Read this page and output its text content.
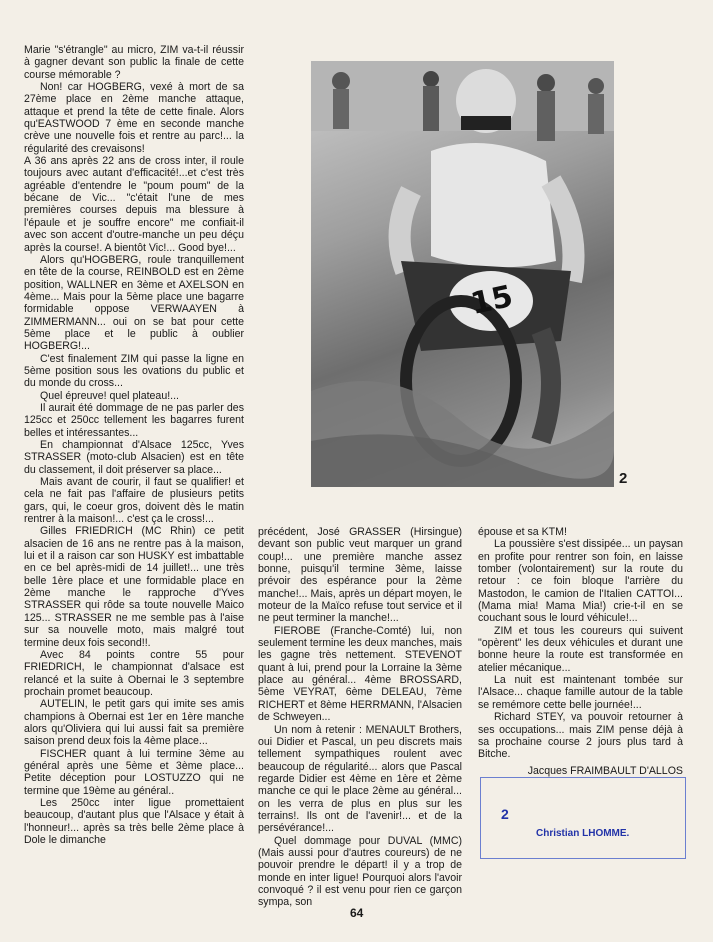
Marie "s'étrangle" au micro, ZIM va-t-il réussir à gagner devant son public la finale de cette course mémorable ?

Non! car HOGBERG, vexé à mort de sa 27ème place en 2ème manche attaque, attaque et prend la tête de cette finale. Alors qu'EASTWOOD 7 ème en seconde manche crève une nouvelle fois et rentre au parc!... la régularité des crevaisons!

A 36 ans après 22 ans de cross inter, il roule toujours avec autant d'efficacité!...et c'est très agréable d'entendre le "poum poum" de la bécane de Vic... "c'était l'une de mes premières courses depuis ma blessure à l'épaule et je souffre encore" me confiait-il avec son accent d'outre-manche un peu déçu après la course!. A bientôt Vic!... Good bye!...

Alors qu'HOGBERG, roule tranquillement en tête de la course, REINBOLD est en 2ème position, WALLNER en 3ème et AXELSON en 4ème... Mais pour la 5ème place une bagarre formidable oppose VERWAAYEN à ZIMMERMANN... oui on se bat pour cette 5ème place et le public à oublier HOGBERG!...

C'est finalement ZIM qui passe la ligne en 5ème position sous les ovations du public et du monde du cross...

Quel épreuve! quel plateau!...

Il aurait été dommage de ne pas parler des 125cc et 250cc tellement les bagarres furent belles et intéressantes...

En championnat d'Alsace 125cc, Yves STRASSER (moto-club Alsacien) est en tête du classement, il doit préserver sa place...

Mais avant de courir, il faut se qualifier! et cela ne fait pas l'affaire de plusieurs petits gars, qui, le coeur gros, doivent dès le matin rentrer à la maison!... c'est ça le cross!...

Gilles FRIEDRICH (MC Rhin) ce petit alsacien de 16 ans ne rentre pas à la maison, lui et il a raison car son HUSKY est imbattable en ce bel après-midi de 14 juillet!... une très belle 1ère place et une formidable place en 2ème manche le rapproche d'Yves STRASSER qui rôde sa toute nouvelle Maico 125... STRASSER ne me semble pas à l'aise sur sa nouvelle moto, mais malgré tout termine deux fois second!!.

Avec 84 points contre 55 pour FRIEDRICH, le championnat d'alsace est relancé et la suite à Obernai le 3 septembre prochain promet beaucoup.

AUTELIN, le petit gars qui imite ses amis champions à Obernai est 1er en 1ère manche alors qu'Oliviera qui lui aussi fait sa première saison prend deux fois la 4ème place...

FISCHER quant à lui termine 3ème au général après une 5ème et 3ème place... Petite déception pour LOSTUZZO qui ne termine que 19ème au général..

Les 250cc inter ligue promettaient beaucoup, d'autant plus que l'Alsace y était à l'honneur!... après sa très belle 2ème place à Dole le dimanche

15
2

précédent, José GRASSER (Hirsingue) devant son public veut marquer un grand coup!... une première manche assez bonne, puisqu'il termine 3ème, laisse prévoir des espérance pour la 2ème manche!... Mais, après un départ moyen, le moteur de la Maïco refuse tout service et il ne peut terminer la manche!...

FIEROBE (Franche-Comté) lui, non seulement termine les deux manches, mais les gagne très nettement. STEVENOT quant à lui, prend pour la Lorraine la 3ème place au général... 4ème BROSSARD, 5ème VEYRAT, 6ème DELEAU, 7ème RICHERT et 8ème HERRMANN, l'Alsacien de Schweyen...

Un nom à retenir : MENAULT Brothers, oui Didier et Pascal, un peu discrets mais tellement sympathiques roulent avec beaucoup de régularité... alors que Pascal regarde Didier est 4ème en 1ère et 2ème manche ce qui le place 2ème au général... on les verra de plus en plus sur les terrains!. Ils ont de l'avenir!... et de la persévérance!...

Quel dommage pour DUVAL (MMC) (Mais aussi pour d'autres coureurs) de ne pouvoir prendre le départ! il y a trop de monde en inter ligue! Pourquoi alors l'avoir convoqué ? il est venu pour rien ce garçon sympa, son

épouse et sa KTM!

La poussière s'est dissipée... un paysan en profite pour rentrer son foin, en laisse tomber (volontairement) sur la route du retour : ce foin bloque l'arrière du Mastodon, le camion de l'Italien CATTOI... (Mama mia! Mama Mia!) crie-t-il en se couchant sous le lourd véhicule!...

ZIM et tous les coureurs qui suivent "opèrent" les deux véhicules et durant une bonne heure la route est transformée en atelier mécanique...

La nuit est maintenant tombée sur l'Alsace... chaque famille autour de la table se remémore cette belle journée!...

Richard STEY, va pouvoir retourner à ses occupations... mais ZIM pense déjà à sa prochaine course 2 jours plus tard à Bitche.

Jacques FRAIMBAULT D'ALLOS

2
Christian LHOMME.
64
